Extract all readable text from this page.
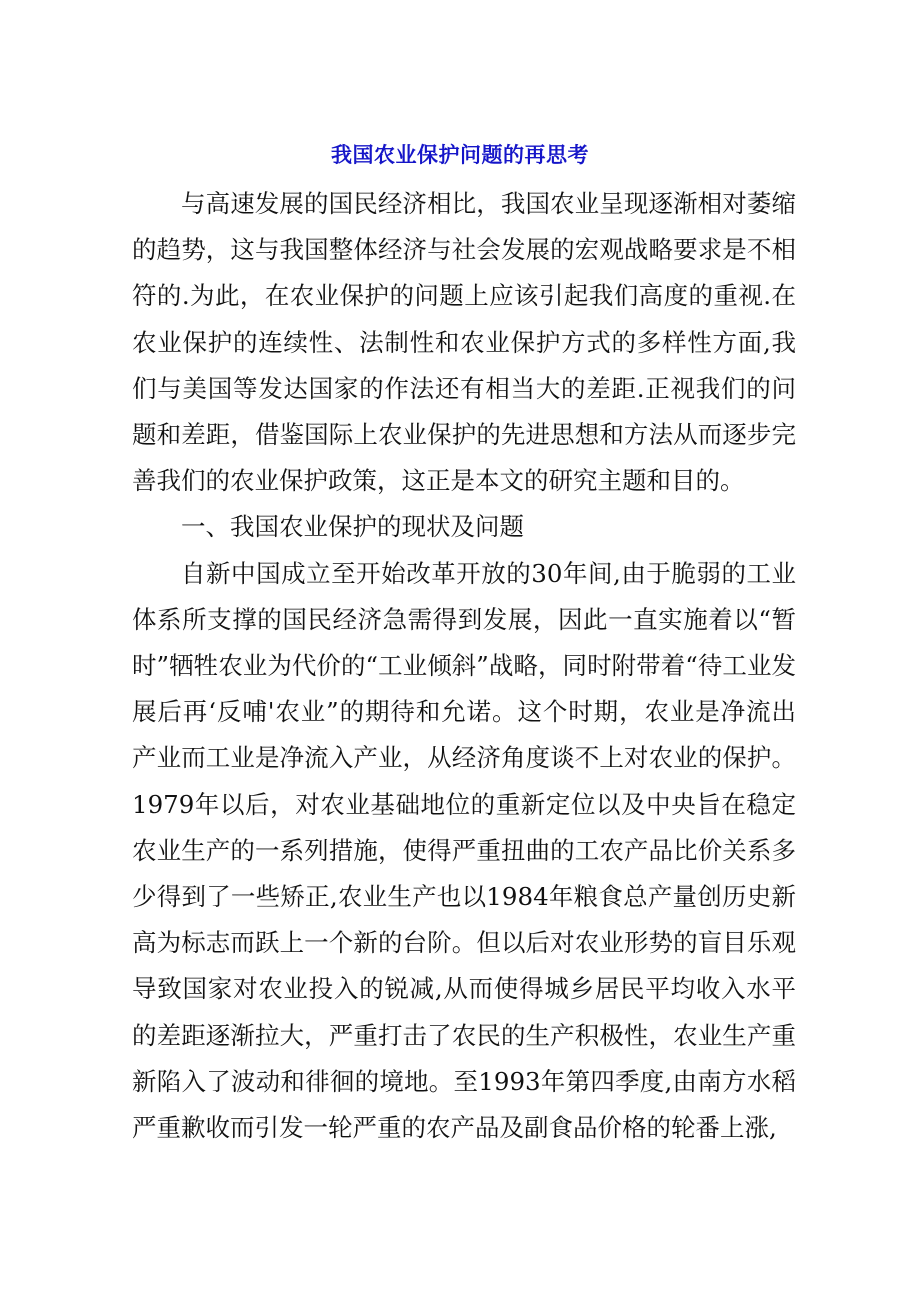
我国农业保护问题的再思考

与高速发展的国民经济相比，我国农业呈现逐渐相对萎缩的趋势，这与我国整体经济与社会发展的宏观战略要求是不相符的.为此，在农业保护的问题上应该引起我们高度的重视.在农业保护的连续性、法制性和农业保护方式的多样性方面,我们与美国等发达国家的作法还有相当大的差距.正视我们的问题和差距，借鉴国际上农业保护的先进思想和方法从而逐步完善我们的农业保护政策，这正是本文的研究主题和目的。

一、我国农业保护的现状及问题

自新中国成立至开始改革开放的30年间,由于脆弱的工业体系所支撑的国民经济急需得到发展，因此一直实施着以“暂时”牺牲农业为代价的“工业倾斜”战略，同时附带着“待工业发展后再‘反哺'农业”的期待和允诺。这个时期，农业是净流出产业而工业是净流入产业，从经济角度谈不上对农业的保护。1979年以后，对农业基础地位的重新定位以及中央旨在稳定农业生产的一系列措施，使得严重扭曲的工农产品比价关系多少得到了一些矫正,农业生产也以1984年粮食总产量创历史新高为标志而跃上一个新的台阶。但以后对农业形势的盲目乐观导致国家对农业投入的锐减,从而使得城乡居民平均收入水平的差距逐渐拉大，严重打击了农民的生产积极性，农业生产重新陷入了波动和徘徊的境地。至1993年第四季度,由南方水稻严重歉收而引发一轮严重的农产品及副食品价格的轮番上涨,
